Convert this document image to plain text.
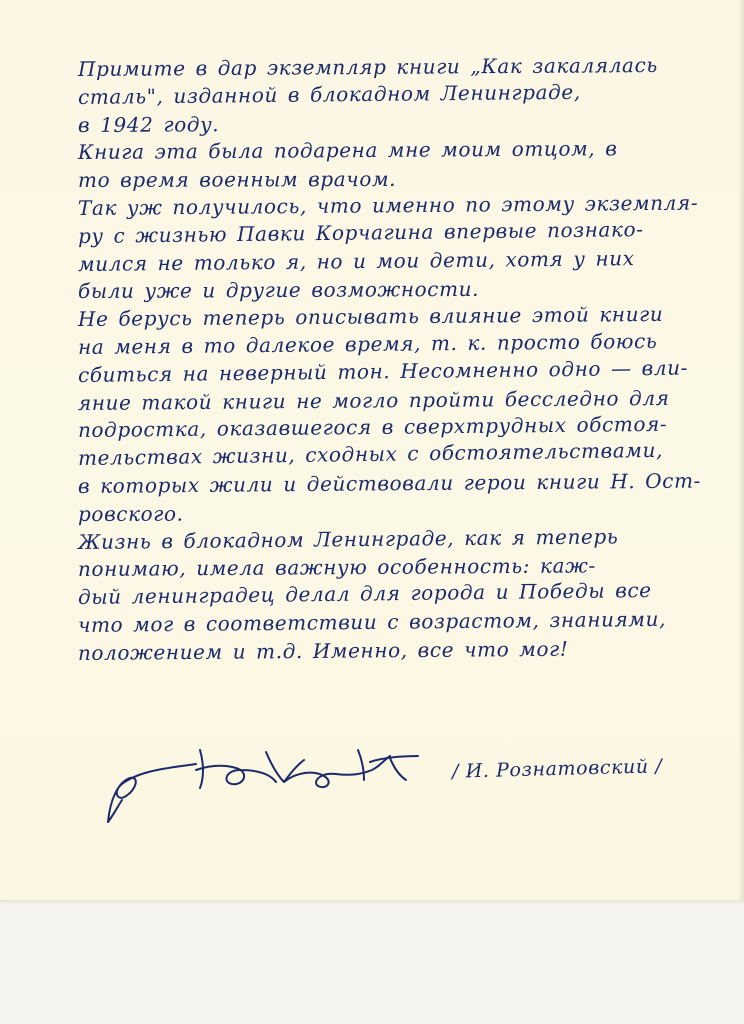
Примите в дар экземпляр книги „Как закалялась
сталь", изданной в блокадном Ленинграде,
в 1942 году.
Книга эта была подарена мне моим отцом, в
то время военным врачом.
Так уж получилось, что именно по этому экземпля-
ру с жизнью Павки Корчагина впервые познако-
мился не только я, но и мои дети, хотя у них
были уже и другие возможности.
Не берусь теперь описывать влияние этой книги
на меня в то далекое время, т. к. просто боюсь
сбиться на неверный тон. Несомненно одно — вли-
яние такой книги не могло пройти бесследно для
подростка, оказавшегося в сверхтрудных обстоя-
тельствах жизни, сходных с обстоятельствами,
в которых жили и действовали герои книги Н. Ост-
ровского.
Жизнь в блокадном Ленинграде, как я теперь
понимаю, имела важную особенность: каж-
дый ленинградец делал для города и Победы все
что мог в соответствии с возрастом, знаниями,
положением и т.д. Именно, все что мог!
/ И. Рознатовский /
